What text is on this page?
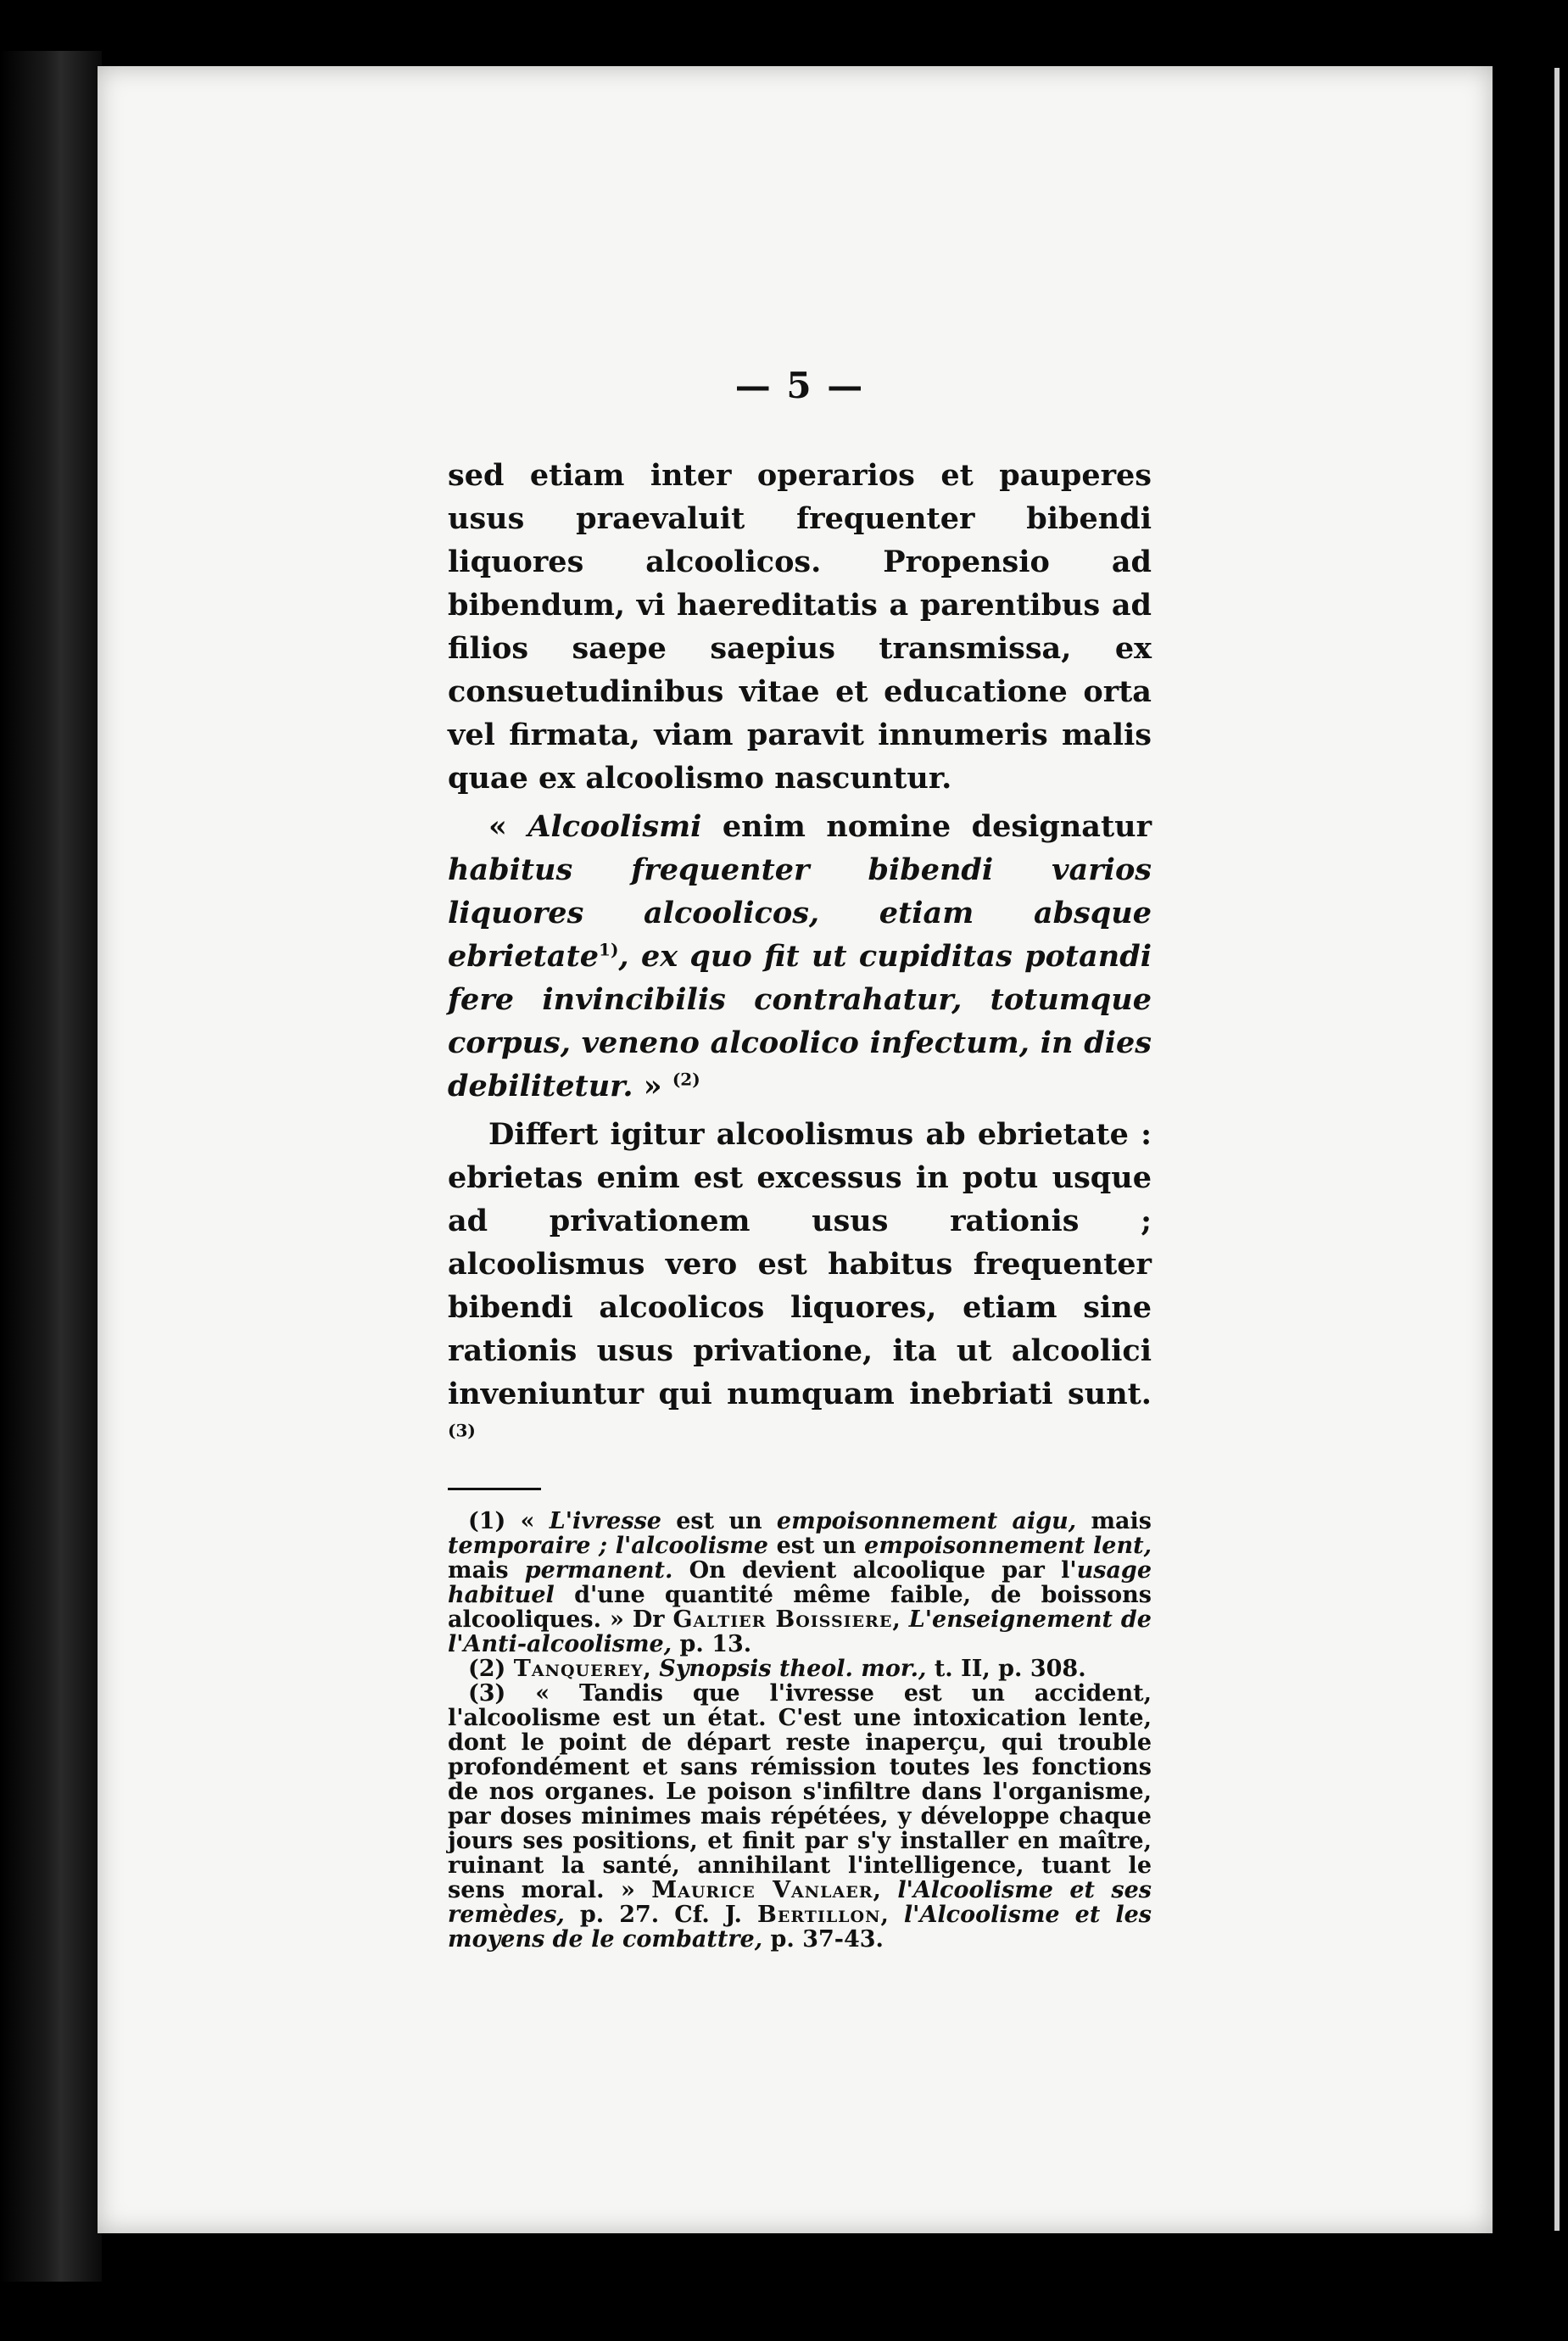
— 5 —

sed etiam inter operarios et pauperes usus praevaluit frequenter bibendi liquores alcoolicos. Propensio ad bibendum, vi haereditatis a parentibus ad filios saepe saepius transmissa, ex consuetudinibus vitae et educatione orta vel firmata, viam paravit innumeris malis quae ex alcoolismo nascuntur.

« Alcoolismi enim nomine designatur habitus frequenter bibendi varios liquores alcoolicos, etiam absque ebrietate$^{1)}$, ex quo fit ut cupiditas potandi fere invincibilis contrahatur, totumque corpus, veneno alcoolico infectum, in dies debilitetur. » $^{(2)}$

Differt igitur alcoolismus ab ebrietate : ebrietas enim est excessus in potu usque ad privationem usus rationis ; alcoolismus vero est habitus frequenter bibendi alcoolicos liquores, etiam sine rationis usus privatione, ita ut alcoolici inveniuntur qui numquam inebriati sunt. $^{(3)}$

(1) « L'ivresse est un empoisonnement aigu, mais temporaire ; l'alcoolisme est un empoisonnement lent, mais permanent. On devient alcoolique par l'usage habituel d'une quantité même faible, de boissons alcooliques. » Dr Galtier Boissiere, L'enseignement de l'Anti-alcoolisme, p. 13.

(2) Tanquerey, Synopsis theol. mor., t. II, p. 308.

(3) « Tandis que l'ivresse est un accident, l'alcoolisme est un état. C'est une intoxication lente, dont le point de départ reste inaperçu, qui trouble profondément et sans rémission toutes les fonctions de nos organes. Le poison s'infiltre dans l'organisme, par doses minimes mais répétées, y développe chaque jours ses positions, et finit par s'y installer en maître, ruinant la santé, annihilant l'intelligence, tuant le sens moral. » Maurice Vanlaer, l'Alcoolisme et ses remèdes, p. 27. Cf. J. Bertillon, l'Alcoolisme et les moyens de le combattre, p. 37-43.
